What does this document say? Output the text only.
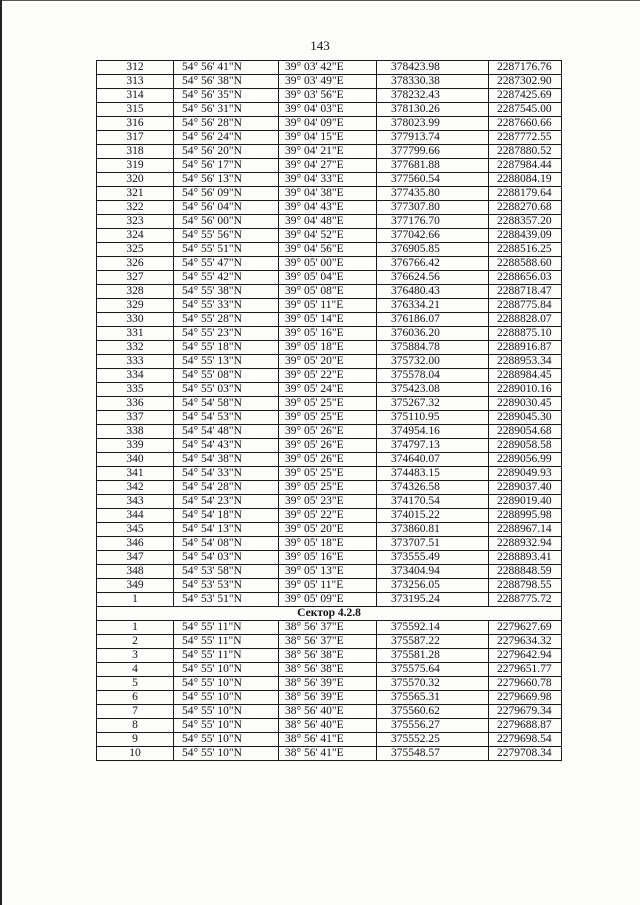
143
312	54° 56' 41"N	39° 03' 42"E	378423.98	2287176.76
313	54° 56' 38"N	39° 03' 49"E	378330.38	2287302.90
314	54° 56' 35"N	39° 03' 56"E	378232.43	2287425.69
315	54° 56' 31"N	39° 04' 03"E	378130.26	2287545.00
316	54° 56' 28"N	39° 04' 09"E	378023.99	2287660.66
317	54° 56' 24"N	39° 04' 15"E	377913.74	2287772.55
318	54° 56' 20"N	39° 04' 21"E	377799.66	2287880.52
319	54° 56' 17"N	39° 04' 27"E	377681.88	2287984.44
320	54° 56' 13"N	39° 04' 33"E	377560.54	2288084.19
321	54° 56' 09"N	39° 04' 38"E	377435.80	2288179.64
322	54° 56' 04"N	39° 04' 43"E	377307.80	2288270.68
323	54° 56' 00"N	39° 04' 48"E	377176.70	2288357.20
324	54° 55' 56"N	39° 04' 52"E	377042.66	2288439.09
325	54° 55' 51"N	39° 04' 56"E	376905.85	2288516.25
326	54° 55' 47"N	39° 05' 00"E	376766.42	2288588.60
327	54° 55' 42"N	39° 05' 04"E	376624.56	2288656.03
328	54° 55' 38"N	39° 05' 08"E	376480.43	2288718.47
329	54° 55' 33"N	39° 05' 11"E	376334.21	2288775.84
330	54° 55' 28"N	39° 05' 14"E	376186.07	2288828.07
331	54° 55' 23"N	39° 05' 16"E	376036.20	2288875.10
332	54° 55' 18"N	39° 05' 18"E	375884.78	2288916.87
333	54° 55' 13"N	39° 05' 20"E	375732.00	2288953.34
334	54° 55' 08"N	39° 05' 22"E	375578.04	2288984.45
335	54° 55' 03"N	39° 05' 24"E	375423.08	2289010.16
336	54° 54' 58"N	39° 05' 25"E	375267.32	2289030.45
337	54° 54' 53"N	39° 05' 25"E	375110.95	2289045.30
338	54° 54' 48"N	39° 05' 26"E	374954.16	2289054.68
339	54° 54' 43"N	39° 05' 26"E	374797.13	2289058.58
340	54° 54' 38"N	39° 05' 26"E	374640.07	2289056.99
341	54° 54' 33"N	39° 05' 25"E	374483.15	2289049.93
342	54° 54' 28"N	39° 05' 25"E	374326.58	2289037.40
343	54° 54' 23"N	39° 05' 23"E	374170.54	2289019.40
344	54° 54' 18"N	39° 05' 22"E	374015.22	2288995.98
345	54° 54' 13"N	39° 05' 20"E	373860.81	2288967.14
346	54° 54' 08"N	39° 05' 18"E	373707.51	2288932.94
347	54° 54' 03"N	39° 05' 16"E	373555.49	2288893.41
348	54° 53' 58"N	39° 05' 13"E	373404.94	2288848.59
349	54° 53' 53"N	39° 05' 11"E	373256.05	2288798.55
1	54° 53' 51"N	39° 05' 09"E	373195.24	2288775.72
Сектор 4.2.8				
1	54° 55' 11"N	38° 56' 37"E	375592.14	2279627.69
2	54° 55' 11"N	38° 56' 37"E	375587.22	2279634.32
3	54° 55' 11"N	38° 56' 38"E	375581.28	2279642.94
4	54° 55' 10"N	38° 56' 38"E	375575.64	2279651.77
5	54° 55' 10"N	38° 56' 39"E	375570.32	2279660.78
6	54° 55' 10"N	38° 56' 39"E	375565.31	2279669.98
7	54° 55' 10"N	38° 56' 40"E	375560.62	2279679.34
8	54° 55' 10"N	38° 56' 40"E	375556.27	2279688.87
9	54° 55' 10"N	38° 56' 41"E	375552.25	2279698.54
10	54° 55' 10"N	38° 56' 41"E	375548.57	2279708.34
